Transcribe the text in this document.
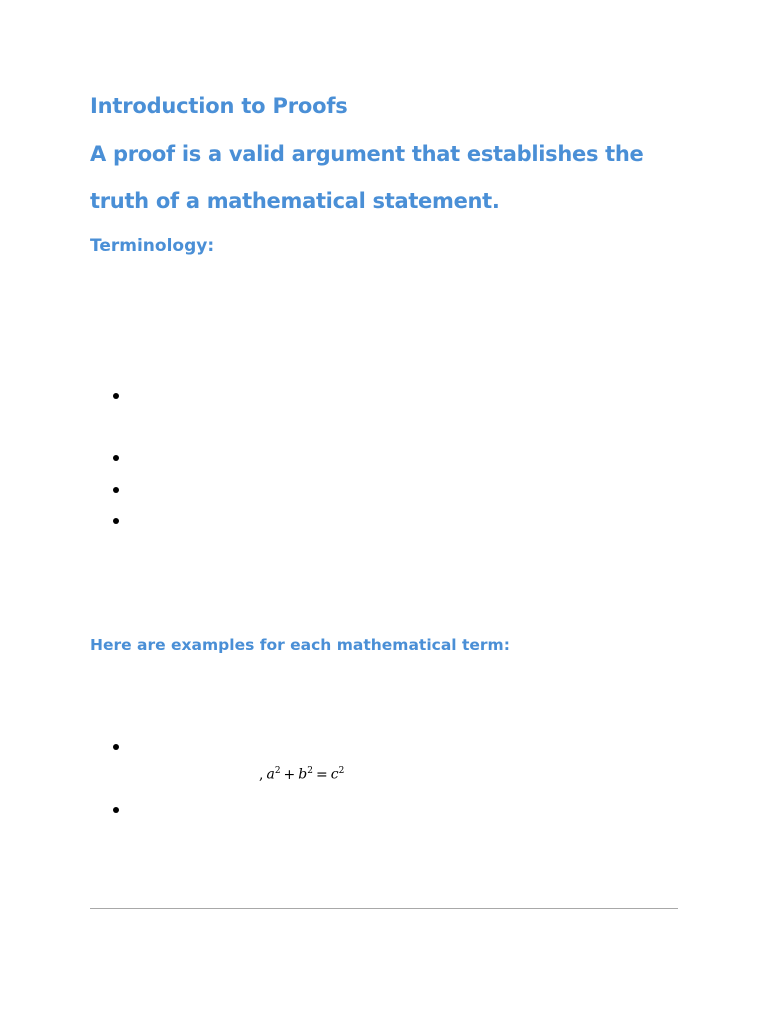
Introduction to Proofs
A proof is a valid argument that establishes the
truth of a mathematical statement.
Terminology:
Here are examples for each mathematical term:
, $a^2 + b^2 = c^2$
